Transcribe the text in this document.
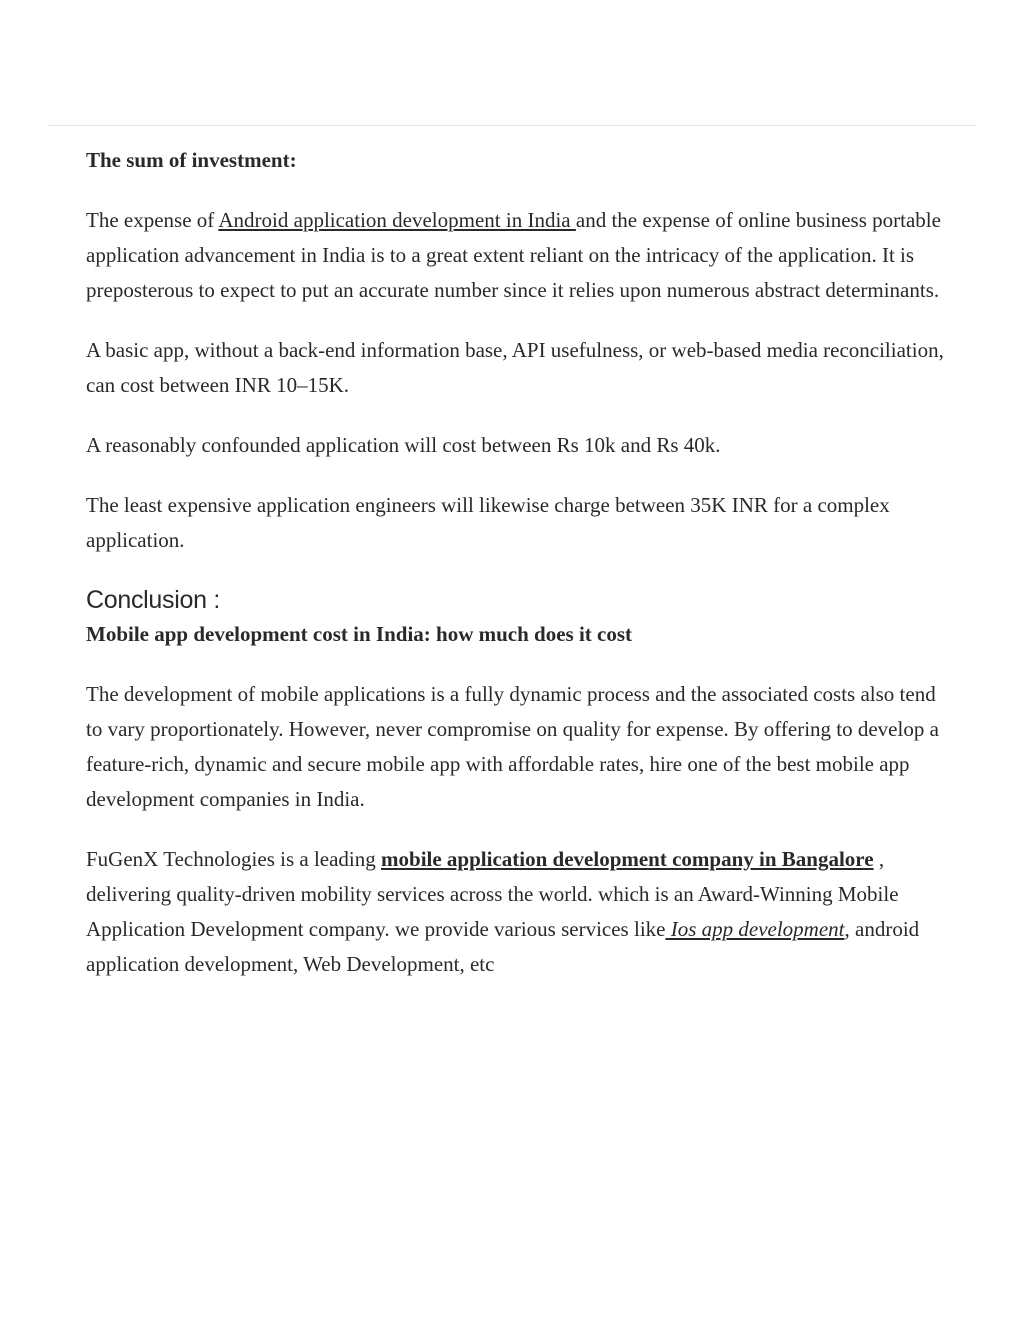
The sum of investment:

The expense of Android application development in India and the expense of online business portable application advancement in India is to a great extent reliant on the intricacy of the application. It is preposterous to expect to put an accurate number since it relies upon numerous abstract determinants.

A basic app, without a back-end information base, API usefulness, or web-based media reconciliation, can cost between INR 10–15K.

A reasonably confounded application will cost between Rs 10k and Rs 40k.

The least expensive application engineers will likewise charge between 35K INR for a complex application.

Conclusion :

Mobile app development cost in India: how much does it cost

The development of mobile applications is a fully dynamic process and the associated costs also tend to vary proportionately. However, never compromise on quality for expense. By offering to develop a feature-rich, dynamic and secure mobile app with affordable rates, hire one of the best mobile app development companies in India.

FuGenX Technologies is a leading mobile application development company in Bangalore , delivering quality-driven mobility services across the world. which is an Award-Winning Mobile Application Development company. we provide various services like Ios app development, android application development, Web Development, etc
